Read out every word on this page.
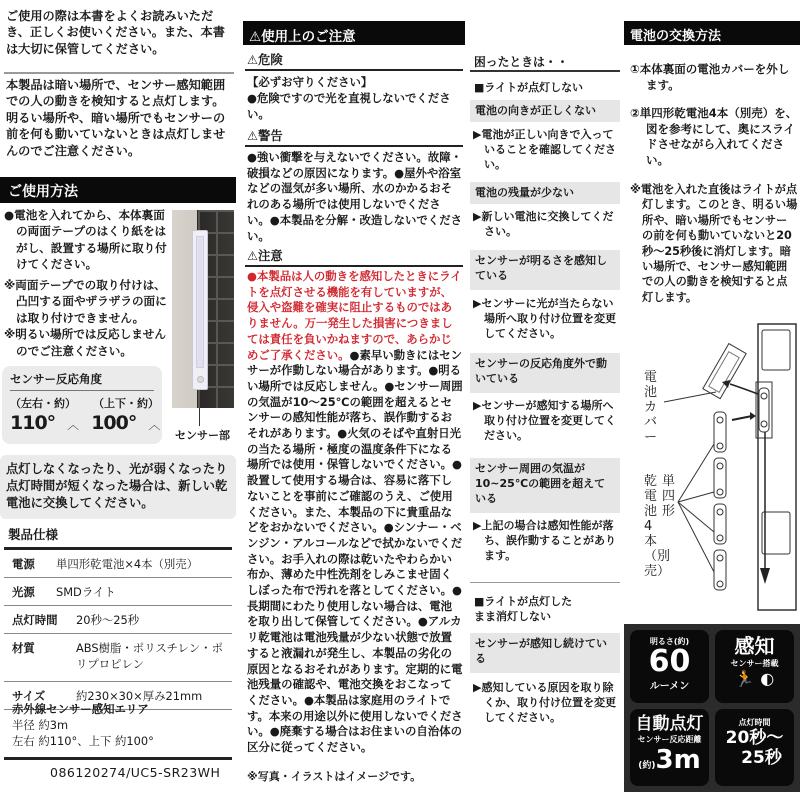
ご使用の際は本書をよくお読みいただき、正しくお使いください。また、本書は大切に保管してください。

本製品は暗い場所で、センサー感知範囲での人の動きを検知すると点灯します。明るい場所や、暗い場所でもセンサーの前を何も動いていないときは点灯しませんのでご注意ください。

ご使用方法

●電池を入れてから、本体裏面の両面テープのはくり紙をはがし、設置する場所に取り付けてください。

※両面テープでの取り付けは、凸凹する面やザラザラの面には取り付けできません。

※明るい場所では反応しませんのでご注意ください。

センサー部
センサー反応角度
（左右・約） （上下・約）
110° ︿ 100° ︿
点灯しなくなったり、光が弱くなったり点灯時間が短くなった場合は、新しい乾電池に交換してください。
製品仕様
電源	単四形乾電池×4本（別売）
光源	SMDライト
点灯時間	20秒〜25秒
材質	ABS樹脂・ポリスチレン・ポリプロピレン
サイズ	約230×30×厚み21mm
赤外線センサー感知エリア
半径 約3m
左右 約110°、上下 約100°
086120274/UC5-SR23WH
⚠使用上のご注意
⚠危険

【必ずお守りください】

●危険ですので光を直視しないでください。

⚠警告
●強い衝撃を与えないでください。故障・破損などの原因になります。●屋外や浴室などの湿気が多い場所、水のかかるおそれのある場所では使用しないでください。●本製品を分解・改造しないでください。
⚠注意
●本製品は人の動きを感知したときにライトを点灯させる機能を有していますが、侵入や盗難を確実に阻止するものではありません。万一発生した損害につきましては責任を負いかねますので、あらかじめご了承ください。●素早い動きにはセンサーが作動しない場合があります。●明るい場所では反応しません。●センサー周囲の気温が10〜25℃の範囲を超えるとセンサーの感知性能が落ち、誤作動するおそれがあります。●火気のそばや直射日光の当たる場所・極度の温度条件下になる場所では使用・保管しないでください。●設置して使用する場合は、容易に落下しないことを事前にご確認のうえ、ご使用ください。また、本製品の下に貴重品などをおかないでください。●シンナー・ベンジン・アルコールなどで拭かないでください。お手入れの際は乾いたやわらかい布か、薄めた中性洗剤をしみこませ固くしぼった布で汚れを落としてください。●長期間にわたり使用しない場合は、電池を取り出して保管してください。●アルカリ乾電池は電池残量が少ない状態で放置すると液漏れが発生し、本製品の劣化の原因となるおそれがあります。定期的に電池残量の確認や、電池交換をおこなってください。●本製品は家庭用のライトです。本来の用途以外に使用しないでください。●廃棄する場合はお住まいの自治体の区分に従ってください。
※写真・イラストはイメージです。
困ったときは・・
■ライトが点灯しない
電池の向きが正しくない
▶電池が正しい向きで入っていることを確認してください。
電池の残量が少ない
▶新しい電池に交換してください。
センサーが明るさを感知している
▶センサーに光が当たらない場所へ取り付け位置を変更してください。
センサーの反応角度外で動いている
▶センサーが感知する場所へ取り付け位置を変更してください。
センサー周囲の気温が10~25℃の範囲を超えている
▶上記の場合は感知性能が落ち、誤作動することがあります。
■ライトが点灯したまま消灯しない
センサーが感知し続けている
▶感知している原因を取り除くか、取り付け位置を変更してください。
電池の交換方法

①本体裏面の電池カバーを外します。

②単四形乾電池4本（別売）を、図を参考にして、奥にスライドさせながら入れてください。

※電池を入れた直後はライトが点灯します。このとき、明るい場所や、暗い場所でもセンサーの前を何も動いていないと20秒〜25秒後に消灯します。暗い場所で、センサー感知範囲での人の動きを検知すると点灯します。

電池カバー
単四形
乾電池4本（別売）
明るさ(約)
60
ルーメン
感知
センサー搭載
🏃 ◐
自動点灯
センサー反応距離
(約)3m
点灯時間
20秒〜
25秒
